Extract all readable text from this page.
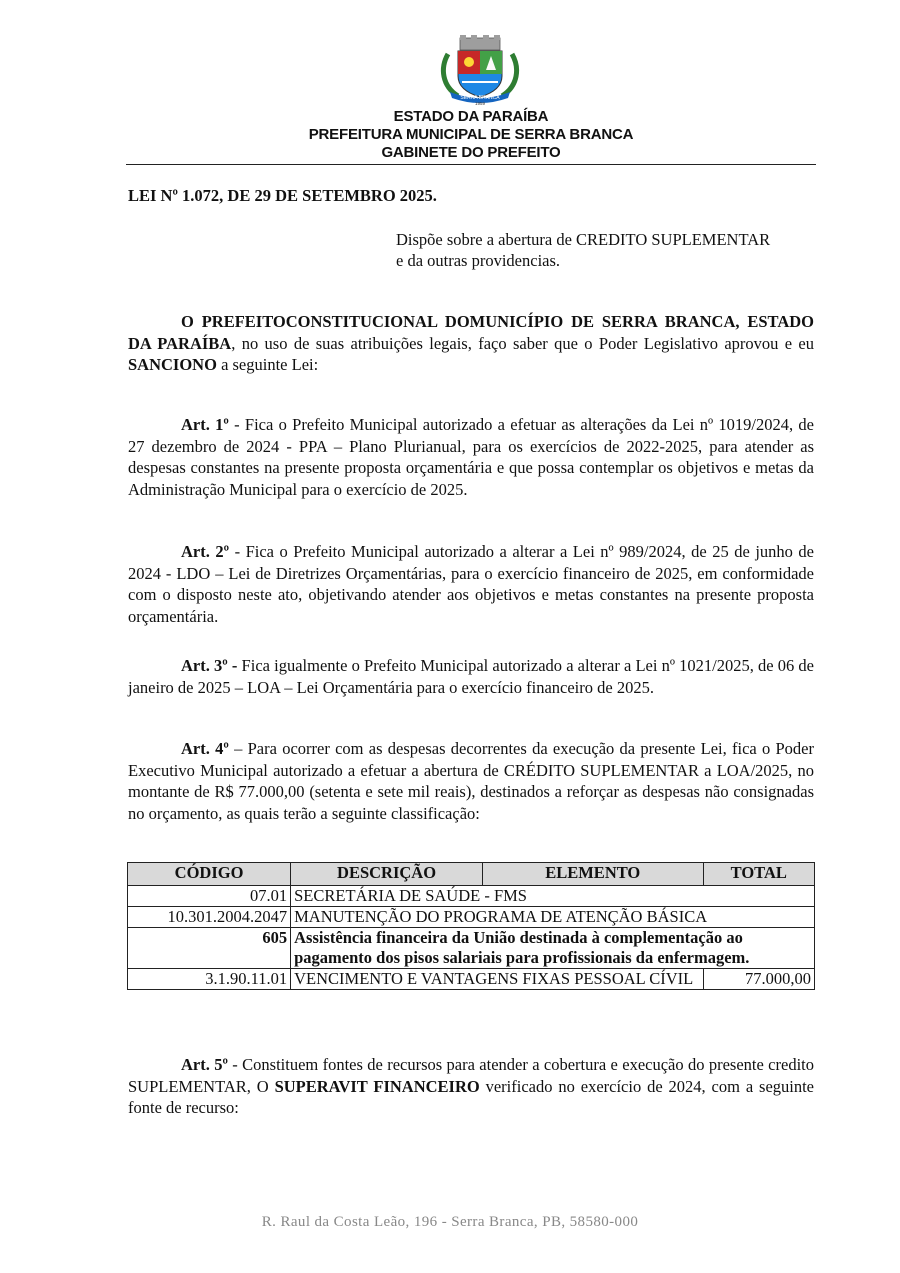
SERRA BRANCA
1959
ESTADO DA PARAÍBA
PREFEITURA MUNICIPAL DE SERRA BRANCA
GABINETE DO PREFEITO
LEI Nº 1.072, DE 29 DE SETEMBRO 2025.
Dispõe sobre a abertura de CREDITO SUPLEMENTAR
e da outras providencias.
O PREFEITOCONSTITUCIONAL DOMUNICÍPIO DE SERRA BRANCA, ESTADO DA PARAÍBA, no uso de suas atribuições legais, faço saber que o Poder Legislativo aprovou e eu SANCIONO a seguinte Lei:
Art. 1º - Fica o Prefeito Municipal autorizado a efetuar as alterações da Lei nº 1019/2024, de 27 dezembro de 2024 - PPA – Plano Plurianual, para os exercícios de 2022-2025, para atender as despesas constantes na presente proposta orçamentária e que possa contemplar os objetivos e metas da Administração Municipal para o exercício de 2025.
Art. 2º - Fica o Prefeito Municipal autorizado a alterar a Lei nº 989/2024, de 25 de junho de 2024 - LDO – Lei de Diretrizes Orçamentárias, para o exercício financeiro de 2025, em conformidade com o disposto neste ato, objetivando atender aos objetivos e metas constantes na presente proposta orçamentária.
Art. 3º - Fica igualmente o Prefeito Municipal autorizado a alterar a Lei nº 1021/2025, de 06 de janeiro de 2025 – LOA – Lei Orçamentária para o exercício financeiro de 2025.
Art. 4º – Para ocorrer com as despesas decorrentes da execução da presente Lei, fica o Poder Executivo Municipal autorizado a efetuar a abertura de CRÉDITO SUPLEMENTAR a LOA/2025, no montante de R$ 77.000,00 (setenta e sete mil reais), destinados a reforçar as despesas não consignadas no orçamento, as quais terão a seguinte classificação:
CÓDIGO	DESCRIÇÃO	ELEMENTO	TOTAL
07.01	SECRETÁRIA DE SAÚDE - FMS		
10.301.2004.2047	MANUTENÇÃO DO PROGRAMA DE ATENÇÃO BÁSICA		
605	Assistência financeira da União destinada à complementação ao pagamento dos pisos salariais para profissionais da enfermagem.		
3.1.90.11.01	VENCIMENTO E VANTAGENS FIXAS PESSOAL CÍVIL		77.000,00
Art. 5º - Constituem fontes de recursos para atender a cobertura e execução do presente credito SUPLEMENTAR, O SUPERAVIT FINANCEIRO verificado no exercício de 2024, com a seguinte fonte de recurso:
R. Raul da Costa Leão, 196 - Serra Branca, PB, 58580-000
